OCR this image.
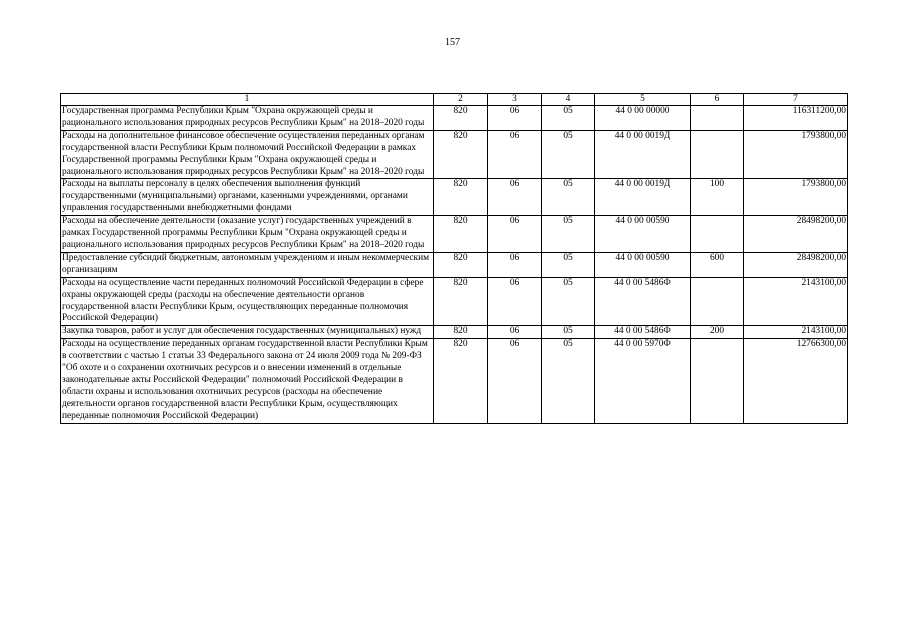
157
1	2	3	4	5	6	7
Государственная программа Республики Крым "Охрана окружающей среды и рационального использования природных ресурсов Республики Крым" на 2018–2020 годы	820	06	05	44 0 00 00000		116311200,00
Расходы на дополнительное финансовое обеспечение осуществления переданных органам государственной власти Республики Крым полномочий Российской Федерации в рамках Государственной программы Республики Крым "Охрана окружающей среды и рационального использования природных ресурсов Республики Крым" на 2018–2020 годы	820	06	05	44 0 00 0019Д		1793800,00
Расходы на выплаты персоналу в целях обеспечения выполнения функций государственными (муниципальными) органами, казенными учреждениями, органами управления государственными внебюджетными фондами	820	06	05	44 0 00 0019Д	100	1793800,00
Расходы на обеспечение деятельности (оказание услуг) государственных учреждений в рамках Государственной программы Республики Крым "Охрана окружающей среды и рационального использования природных ресурсов Республики Крым" на 2018–2020 годы	820	06	05	44 0 00 00590		28498200,00
Предоставление субсидий бюджетным, автономным учреждениям и иным некоммерческим организациям	820	06	05	44 0 00 00590	600	28498200,00
Расходы на осуществление части переданных полномочий Российской Федерации в сфере охраны окружающей среды (расходы на обеспечение деятельности органов государственной власти Республики Крым, осуществляющих переданные полномочия Российской Федерации)	820	06	05	44 0 00 5486Ф		2143100,00
Закупка товаров, работ и услуг для обеспечения государственных (муниципальных) нужд	820	06	05	44 0 00 5486Ф	200	2143100,00
Расходы на осуществление переданных органам государственной власти Республики Крым в соответствии с частью 1 статьи 33 Федерального закона от 24 июля 2009 года № 209-ФЗ "Об охоте и о сохранении охотничьих ресурсов и о внесении изменений в отдельные законодательные акты Российской Федерации" полномочий Российской Федерации в области охраны и использования охотничьих ресурсов (расходы на обеспечение деятельности органов государственной власти Республики Крым, осуществляющих переданные полномочия Российской Федерации)	820	06	05	44 0 00 5970Ф		12766300,00
